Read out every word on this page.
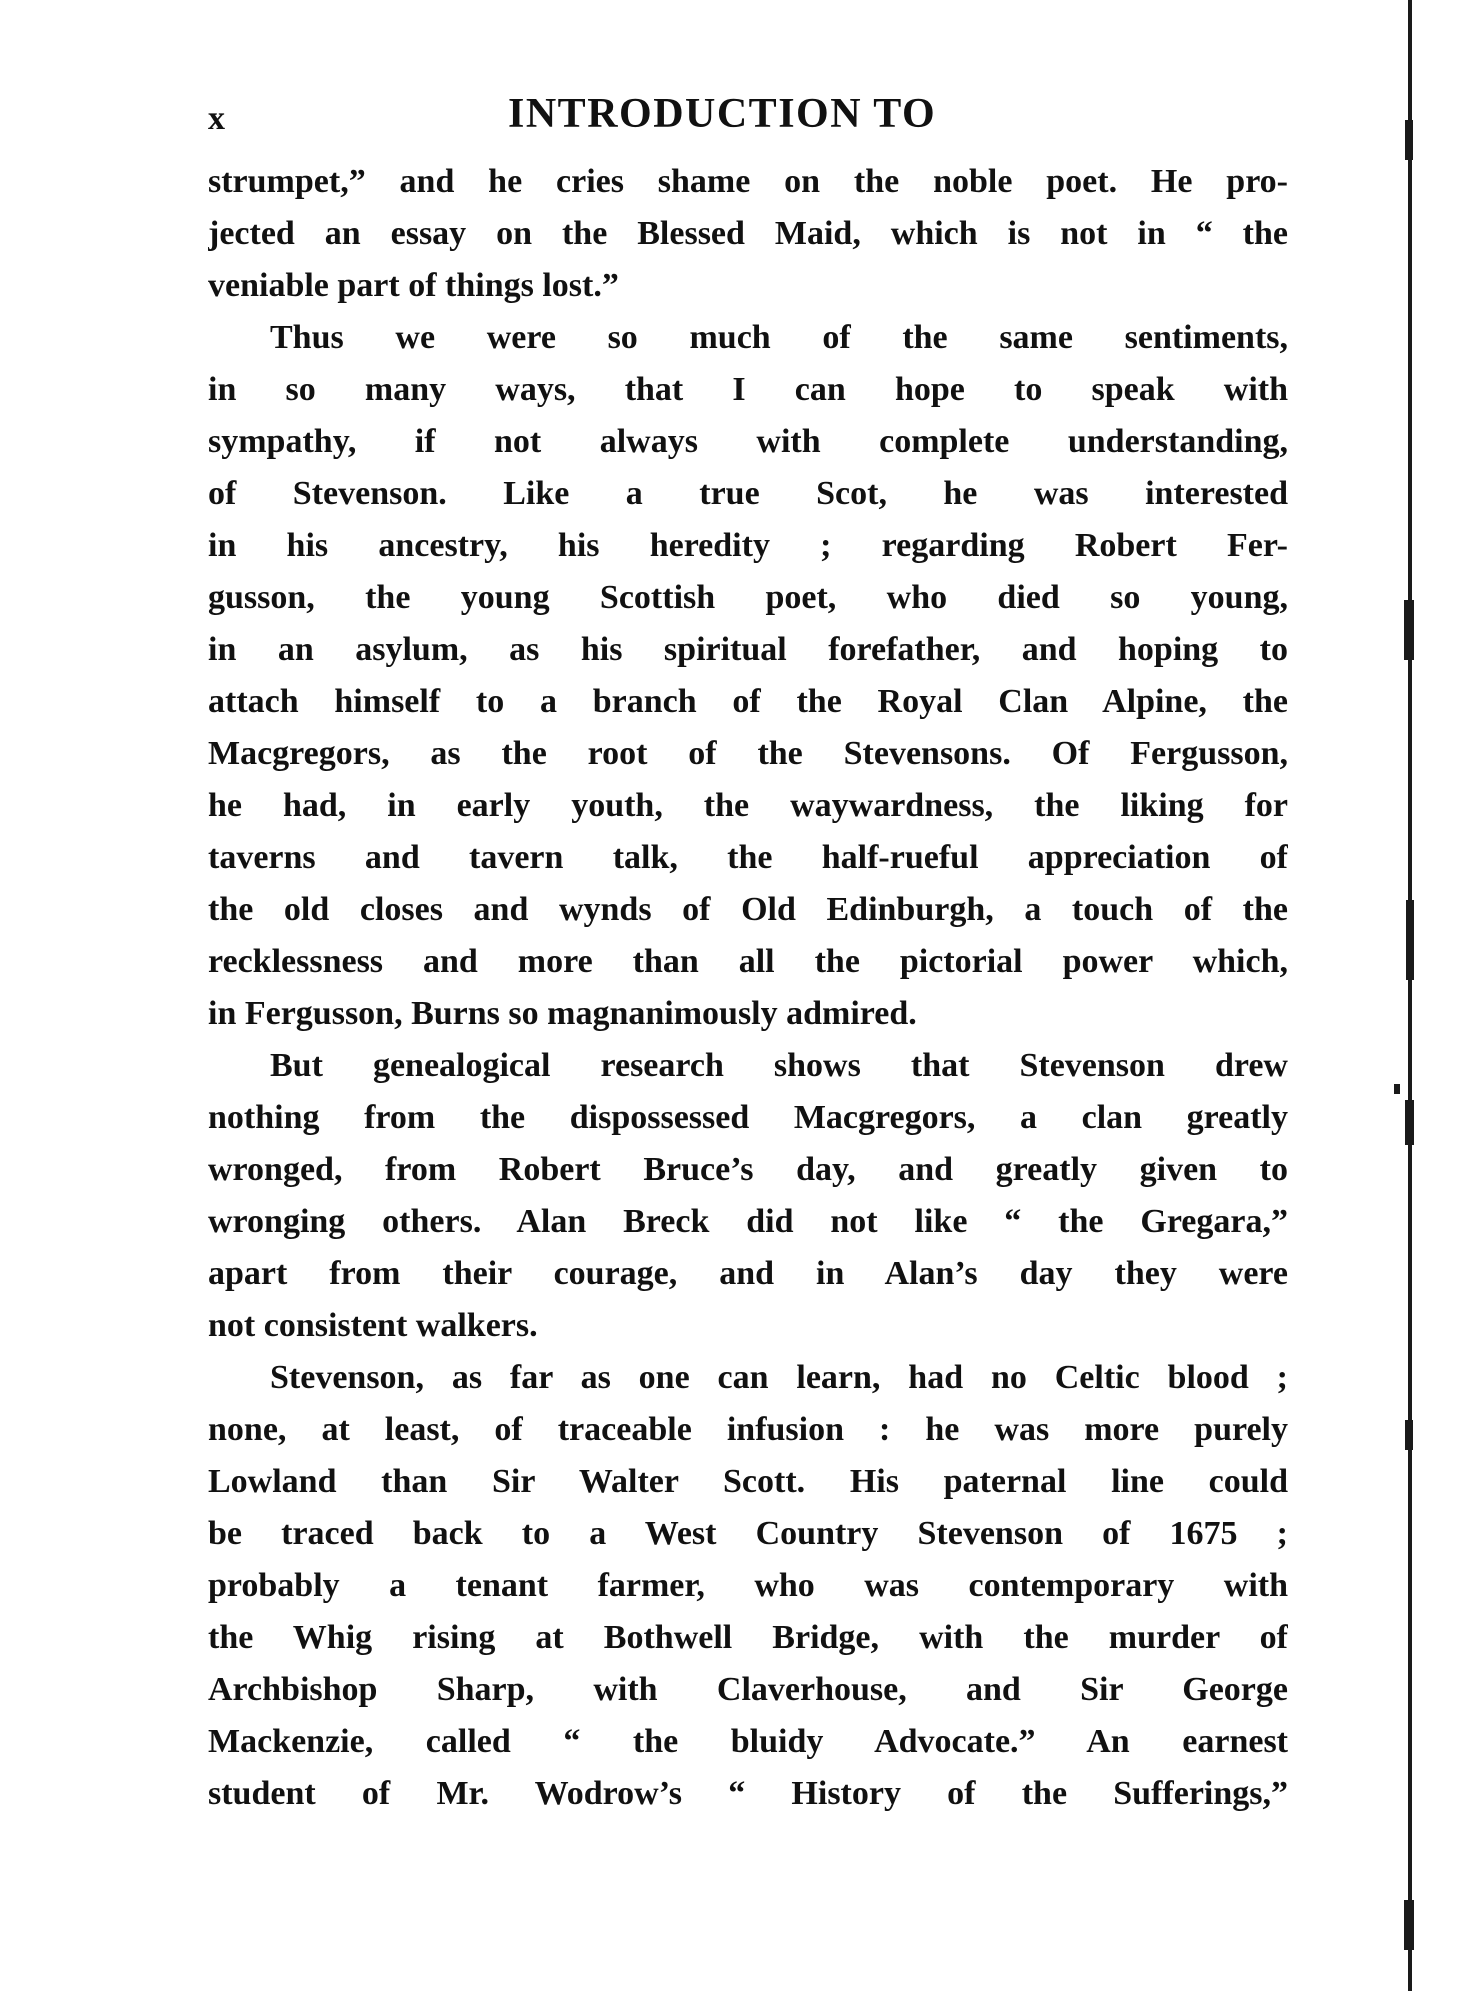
x	INTRODUCTION TO
strumpet,” and he cries shame on the noble poet. He pro-
jected an essay on the Blessed Maid, which is not in “ the
veniable part of things lost.”
Thus we were so much of the same sentiments,
in so many ways, that I can hope to speak with
sympathy, if not always with complete understanding,
of Stevenson. Like a true Scot, he was interested
in his ancestry, his heredity ; regarding Robert Fer-
gusson, the young Scottish poet, who died so young,
in an asylum, as his spiritual forefather, and hoping to
attach himself to a branch of the Royal Clan Alpine, the
Macgregors, as the root of the Stevensons. Of Fergusson,
he had, in early youth, the waywardness, the liking for
taverns and tavern talk, the half-rueful appreciation of
the old closes and wynds of Old Edinburgh, a touch of the
recklessness and more than all the pictorial power which,
in Fergusson, Burns so magnanimously admired.
But genealogical research shows that Stevenson drew
nothing from the dispossessed Macgregors, a clan greatly
wronged, from Robert Bruce’s day, and greatly given to
wronging others. Alan Breck did not like “ the Gregara,”
apart from their courage, and in Alan’s day they were
not consistent walkers.
Stevenson, as far as one can learn, had no Celtic blood ;
none, at least, of traceable infusion : he was more purely
Lowland than Sir Walter Scott. His paternal line could
be traced back to a West Country Stevenson of 1675 ;
probably a tenant farmer, who was contemporary with
the Whig rising at Bothwell Bridge, with the murder of
Archbishop Sharp, with Claverhouse, and Sir George
Mackenzie, called “ the bluidy Advocate.” An earnest
student of Mr. Wodrow’s “ History of the Sufferings,”
